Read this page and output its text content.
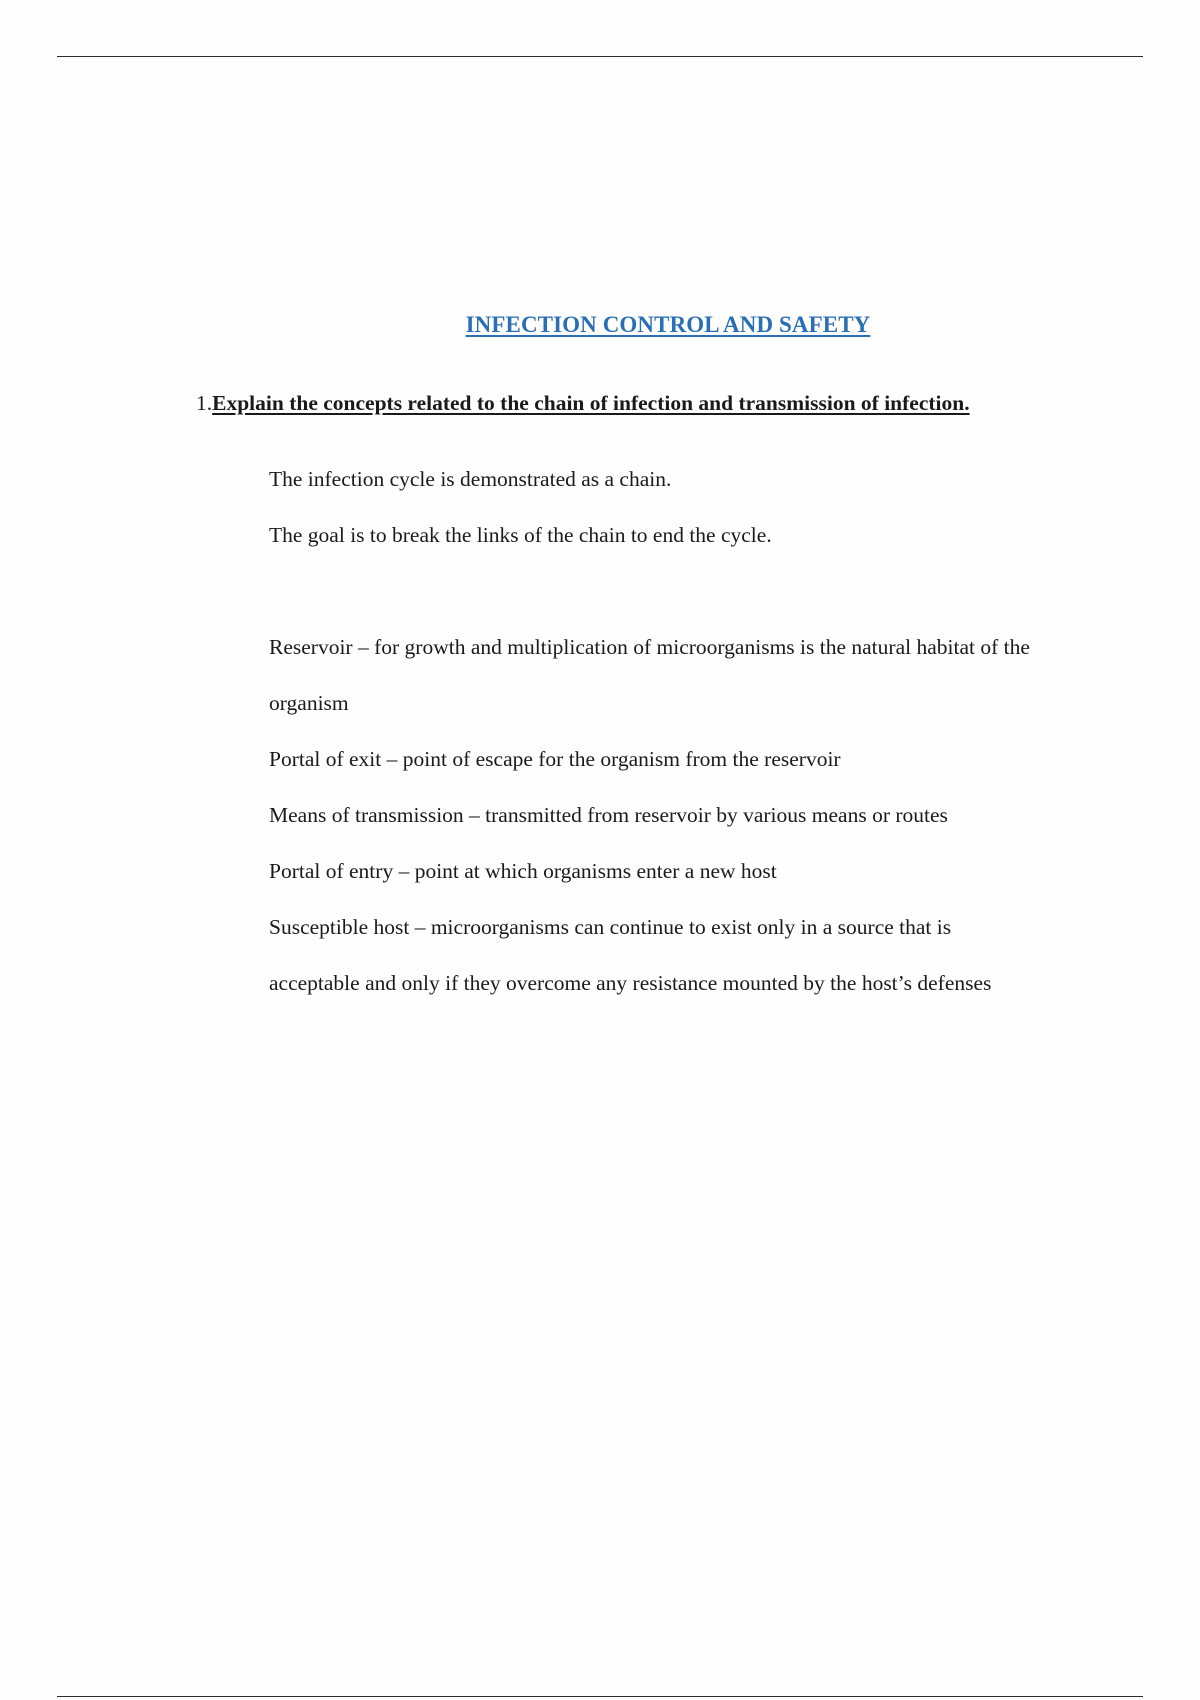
INFECTION CONTROL AND SAFETY
1.Explain the concepts related to the chain of infection and transmission of infection.
The infection cycle is demonstrated as a chain.
The goal is to break the links of the chain to end the cycle.
Reservoir – for growth and multiplication of microorganisms is the natural habitat of the
organism
Portal of exit – point of escape for the organism from the reservoir
Means of transmission – transmitted from reservoir by various means or routes
Portal of entry – point at which organisms enter a new host
Susceptible host – microorganisms can continue to exist only in a source that is
acceptable and only if they overcome any resistance mounted by the host’s defenses
